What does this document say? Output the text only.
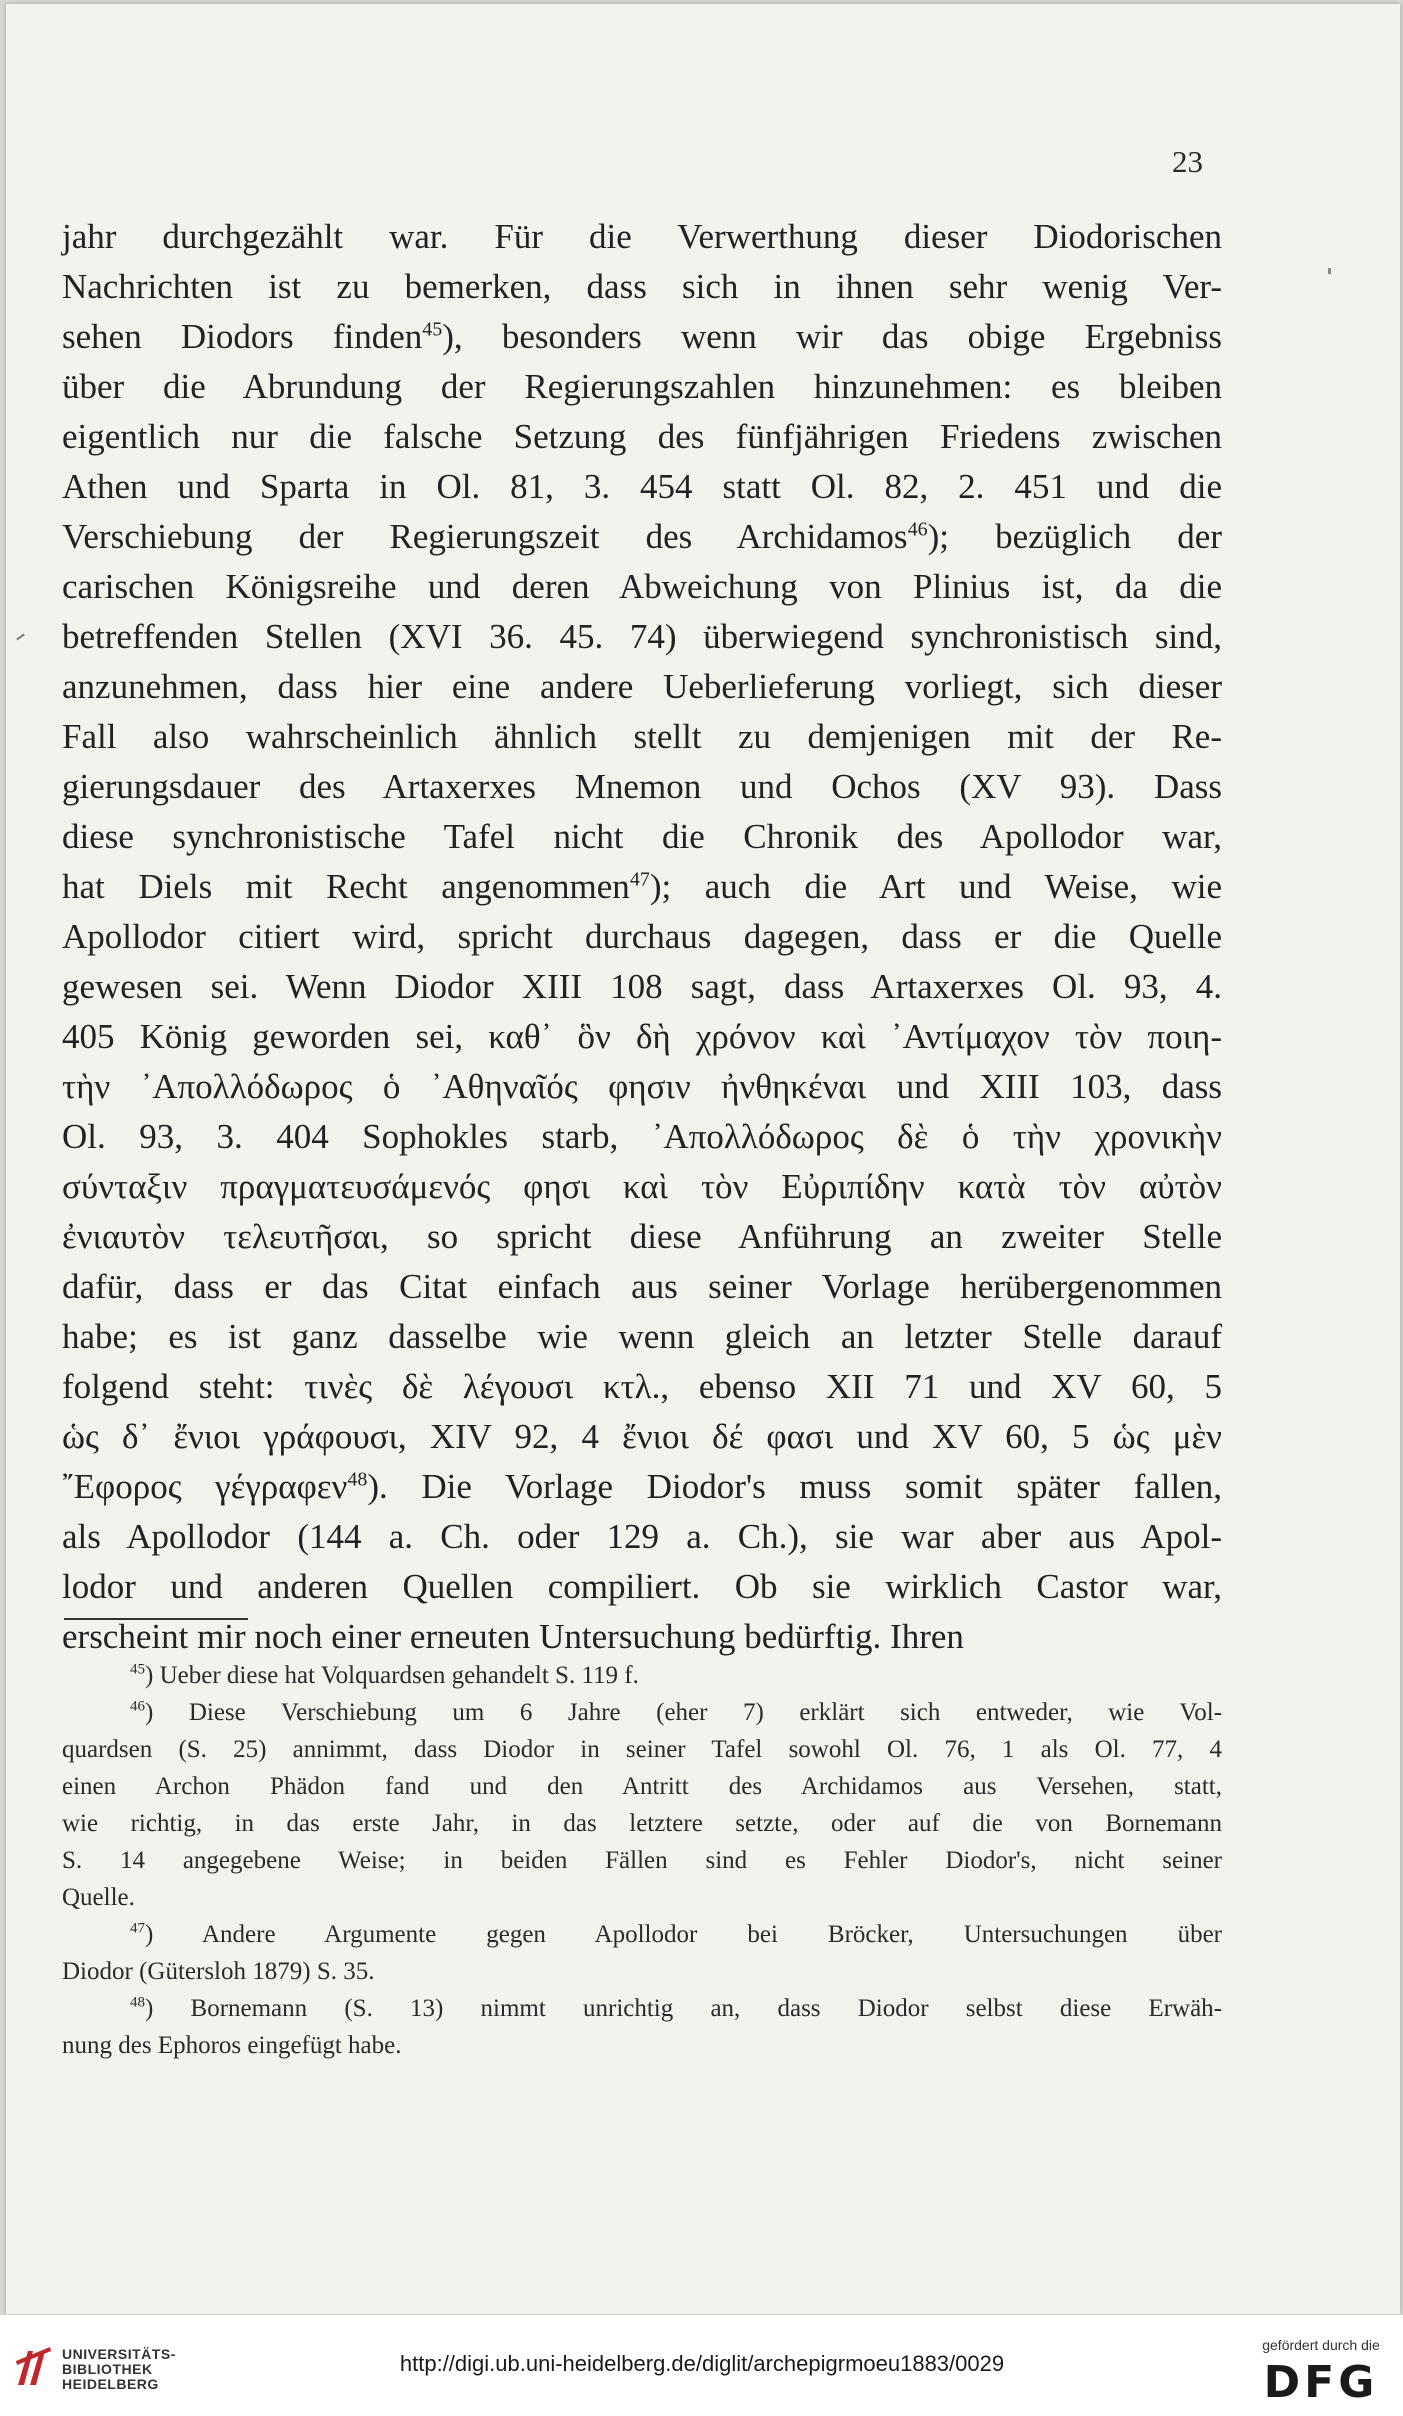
23
jahr durchgezählt war. Für die Verwerthung dieser Diodorischen
Nachrichten ist zu bemerken, dass sich in ihnen sehr wenig Ver-
sehen Diodors finden$^{45}$), besonders wenn wir das obige Ergebniss
über die Abrundung der Regierungszahlen hinzunehmen: es bleiben
eigentlich nur die falsche Setzung des fünfjährigen Friedens zwischen
Athen und Sparta in Ol. 81, 3. 454 statt Ol. 82, 2. 451 und die
Verschiebung der Regierungszeit des Archidamos$^{46}$); bezüglich der
carischen Königsreihe und deren Abweichung von Plinius ist, da die
betreffenden Stellen (XVI 36. 45. 74) überwiegend synchronistisch sind,
anzunehmen, dass hier eine andere Ueberlieferung vorliegt, sich dieser
Fall also wahrscheinlich ähnlich stellt zu demjenigen mit der Re-
gierungsdauer des Artaxerxes Mnemon und Ochos (XV 93). Dass
diese synchronistische Tafel nicht die Chronik des Apollodor war,
hat Diels mit Recht angenommen$^{47}$); auch die Art und Weise, wie
Apollodor citiert wird, spricht durchaus dagegen, dass er die Quelle
gewesen sei. Wenn Diodor XIII 108 sagt, dass Artaxerxes Ol. 93, 4.
405 König geworden sei, καθ᾽ ὃν δὴ χρόνον καὶ ᾽Αντίμαχον τὸν ποιη-
τὴν ᾽Απολλόδωρος ὁ ᾽Αθηναῖός φησιν ἠνθηκέναι und XIII 103, dass
Ol. 93, 3. 404 Sophokles starb, ᾽Απολλόδωρος δὲ ὁ τὴν χρονικὴν
σύνταξιν πραγματευσάμενός φησι καὶ τὸν Εὐριπίδην κατὰ τὸν αὐτὸν
ἐνιαυτὸν τελευτῆσαι, so spricht diese Anführung an zweiter Stelle
dafür, dass er das Citat einfach aus seiner Vorlage herübergenommen
habe; es ist ganz dasselbe wie wenn gleich an letzter Stelle darauf
folgend steht: τινὲς δὲ λέγουσι κτλ., ebenso XII 71 und XV 60, 5
ὡς δ᾽ ἔνιοι γράφουσι, XIV 92, 4 ἔνιοι δέ φασι und XV 60, 5 ὡς μὲν
῎Εφορος γέγραφεν$^{48}$). Die Vorlage Diodor's muss somit später fallen,
als Apollodor (144 a. Ch. oder 129 a. Ch.), sie war aber aus Apol-
lodor und anderen Quellen compiliert. Ob sie wirklich Castor war,
erscheint mir noch einer erneuten Untersuchung bedürftig. Ihren
$^{45}$) Ueber diese hat Volquardsen gehandelt S. 119 f.
$^{46}$) Diese Verschiebung um 6 Jahre (eher 7) erklärt sich entweder, wie Vol-
quardsen (S. 25) annimmt, dass Diodor in seiner Tafel sowohl Ol. 76, 1 als Ol. 77, 4
einen Archon Phädon fand und den Antritt des Archidamos aus Versehen, statt,
wie richtig, in das erste Jahr, in das letztere setzte, oder auf die von Bornemann
S. 14 angegebene Weise; in beiden Fällen sind es Fehler Diodor's, nicht seiner
Quelle.
$^{47}$) Andere Argumente gegen Apollodor bei Bröcker, Untersuchungen über
Diodor (Gütersloh 1879) S. 35.
$^{48}$) Bornemann (S. 13) nimmt unrichtig an, dass Diodor selbst diese Erwäh-
nung des Ephoros eingefügt habe.
UNIVERSITÄTS-
BIBLIOTHEK
HEIDELBERG
http://digi.ub.uni-heidelberg.de/diglit/archepigrmoeu1883/0029
gefördert durch die
DFG
